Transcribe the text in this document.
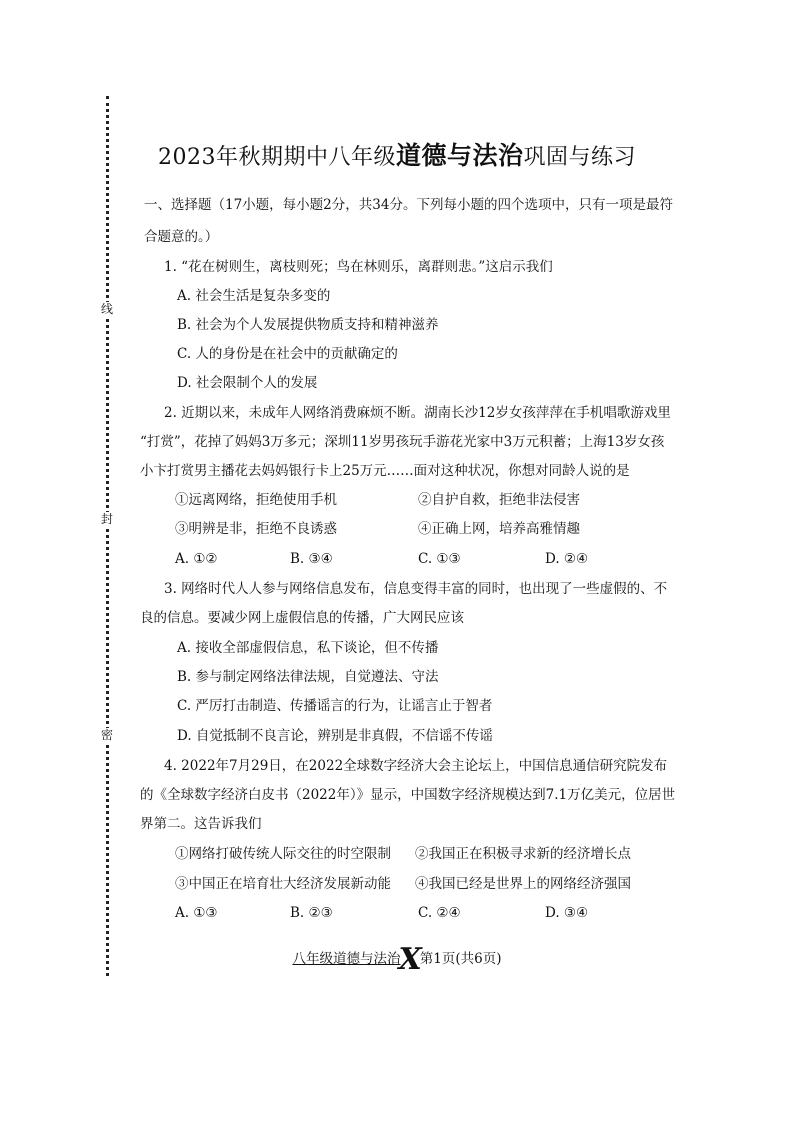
线
封
密
2023年秋期期中八年级道德与法治巩固与练习
一、选择题（17小题，每小题2分，共34分。下列每小题的四个选项中，只有一项是最符
合题意的。）
1. “花在树则生，离枝则死；鸟在林则乐，离群则悲。”这启示我们
A. 社会生活是复杂多变的
B. 社会为个人发展提供物质支持和精神滋养
C. 人的身份是在社会中的贡献确定的
D. 社会限制个人的发展
2. 近期以来，未成年人网络消费麻烦不断。湖南长沙12岁女孩萍萍在手机唱歌游戏里
“打赏”，花掉了妈妈3万多元；深圳11岁男孩玩手游花光家中3万元积蓄；上海13岁女孩
小卞打赏男主播花去妈妈银行卡上25万元……面对这种状况，你想对同龄人说的是
①远离网络，拒绝使用手机	②自护自救，拒绝非法侵害
③明辨是非，拒绝不良诱惑	④正确上网，培养高雅情趣
A. ①②	B. ③④	C. ①③	D. ②④
3. 网络时代人人参与网络信息发布，信息变得丰富的同时，也出现了一些虚假的、不
良的信息。要减少网上虚假信息的传播，广大网民应该
A. 接收全部虚假信息，私下谈论，但不传播
B. 参与制定网络法律法规，自觉遵法、守法
C. 严厉打击制造、传播谣言的行为，让谣言止于智者
D. 自觉抵制不良言论，辨别是非真假，不信谣不传谣
4. 2022年7月29日，在2022全球数字经济大会主论坛上，中国信息通信研究院发布
的《全球数字经济白皮书（2022年）》显示，中国数字经济规模达到7.1万亿美元，位居世
界第二。这告诉我们
①网络打破传统人际交往的时空限制 ②我国正在积极寻求新的经济增长点
③中国正在培育壮大经济发展新动能 ④我国已经是世界上的网络经济强国
A. ①③	B. ②③	C. ②④	D. ③④
八年级道德与法治X第1页(共6页)
